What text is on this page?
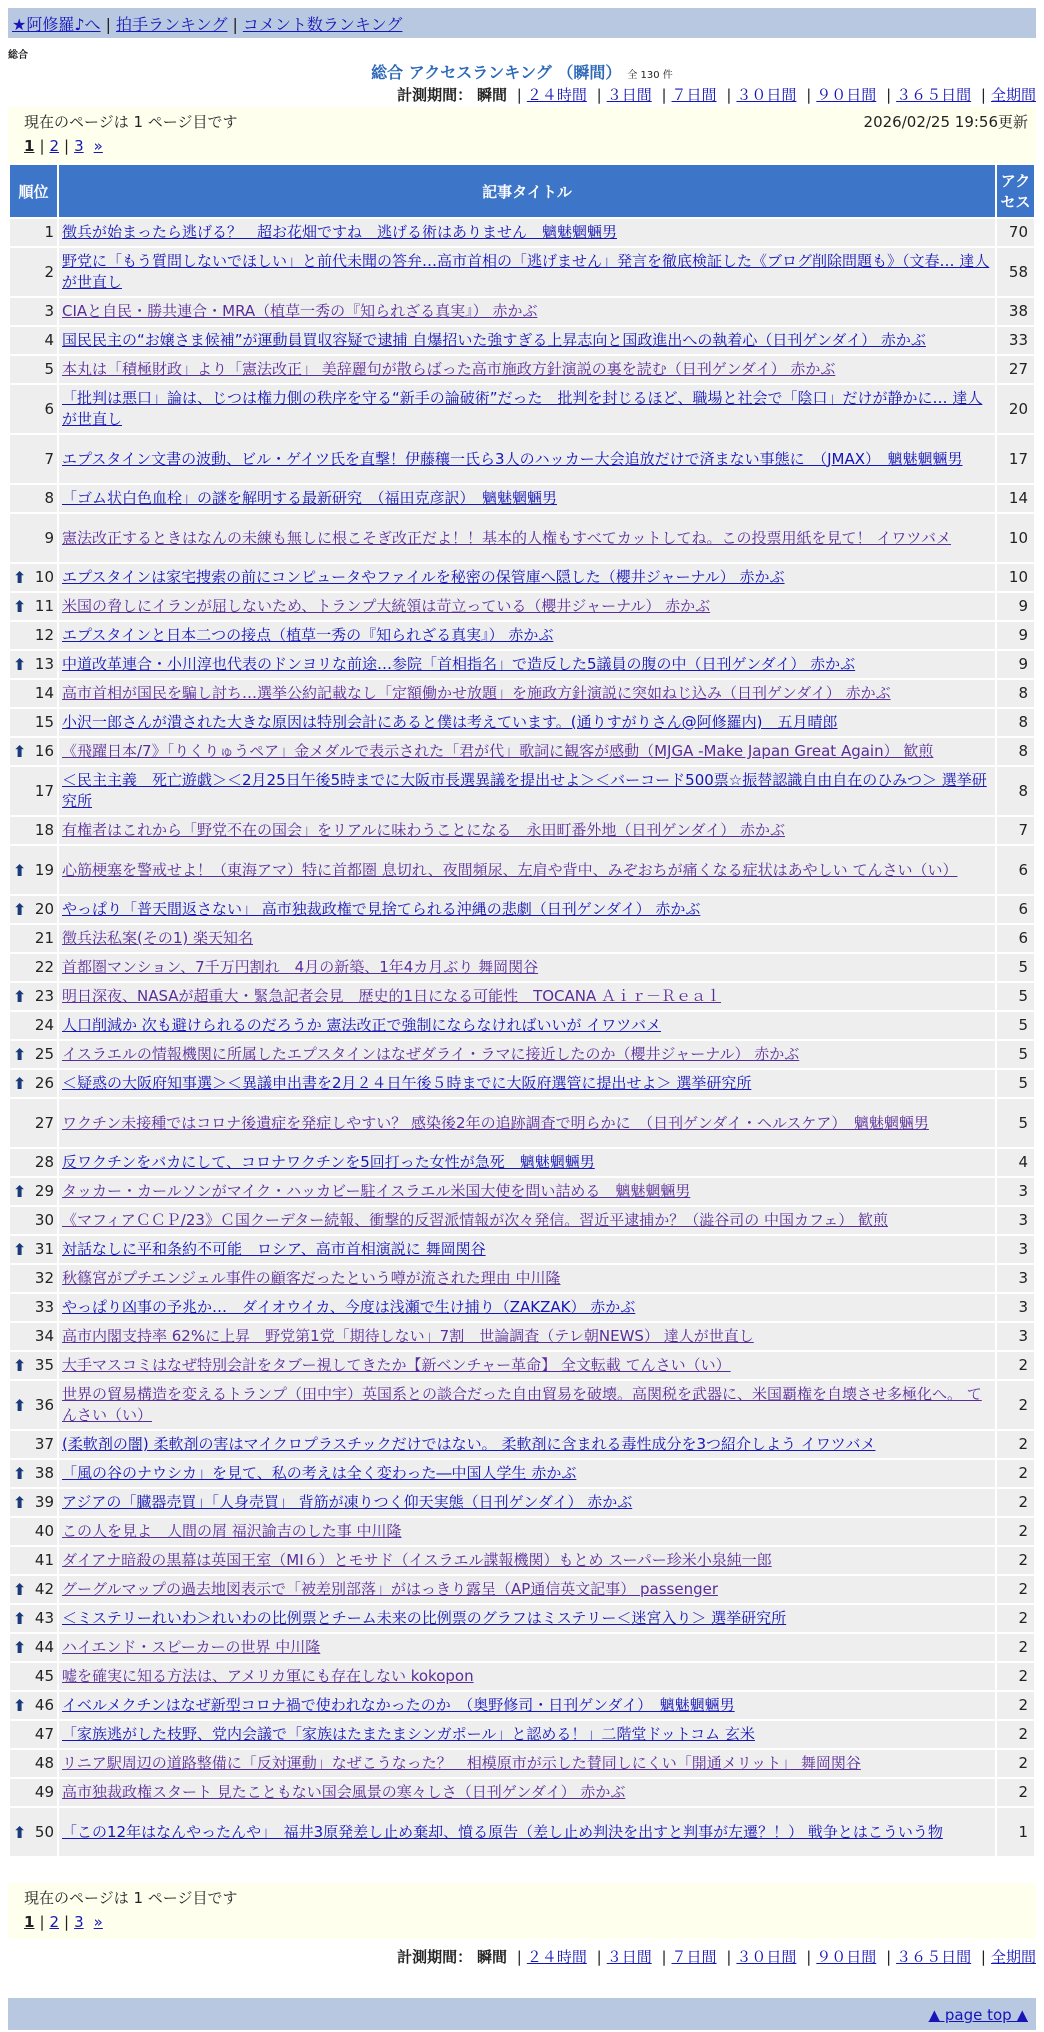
★阿修羅♪へ | 拍手ランキング | コメント数ランキング
総合
総合 アクセスランキング （瞬間） 全 130 件
計測期間： 瞬間 | ２４時間 | ３日間 | ７日間 | ３０日間 | ９０日間 | ３６５日間 | 全期間
現在のページは 1 ページ目です	2026/02/25 19:56更新
1 | 2 | 3 »
順位	記事タイトル	アクセス
1	徴兵が始まったら逃げる？　超お花畑ですね　逃げる術はありません　魑魅魍魎男	70
2	野党に「もう質問しないでほしい」と前代未聞の答弁…高市首相の「逃げません」発言を徹底検証した《ブログ削除問題も》（文春… 達人が世直し	58
3	CIAと自民・勝共連合・MRA（植草一秀の『知られざる真実』） 赤かぶ	38
4	国民民主の“お嬢さま候補”が運動員買収容疑で逮捕 自爆招いた強すぎる上昇志向と国政進出への執着心（日刊ゲンダイ） 赤かぶ	33
5	本丸は「積極財政」より「憲法改正」 美辞麗句が散らばった高市施政方針演説の裏を読む（日刊ゲンダイ） 赤かぶ	27
6	「批判は悪口」論は、じつは権力側の秩序を守る“新手の論破術”だった　批判を封じるほど、職場と社会で「陰口」だけが静かに… 達人が世直し	20
7	エプスタイン文書の波動、ビル・ゲイツ氏を直撃！伊藤穰一氏ら3人のハッカー大会追放だけで済まない事態に　（JMAX）　魑魅魍魎男	17
8	「ゴム状白色血栓」の謎を解明する最新研究　（福田克彦訳）　魑魅魍魎男	14
9	憲法改正するときはなんの未練も無しに根こそぎ改正だよ！！基本的人権もすべてカットしてね。この投票用紙を見て！ イワツバメ	10

⬆ 10	エプスタインは家宅捜索の前にコンピュータやファイルを秘密の保管庫へ隠した（櫻井ジャーナル） 赤かぶ	10

⬆ 11	米国の脅しにイランが屈しないため、トランプ大統領は苛立っている（櫻井ジャーナル） 赤かぶ	9
12	エプスタインと日本二つの接点（植草一秀の『知られざる真実』） 赤かぶ	9

⬆ 13	中道改革連合・小川淳也代表のドンヨリな前途…参院「首相指名」で造反した5議員の腹の中（日刊ゲンダイ） 赤かぶ	9
14	高市首相が国民を騙し討ち…選挙公約記載なし「定額働かせ放題」を施政方針演説に突如ねじ込み（日刊ゲンダイ） 赤かぶ	8
15	小沢一郎さんが潰された大きな原因は特別会計にあると僕は考えています。(通りすがりさん@阿修羅内)　五月晴郎	8

⬆ 16	《飛躍日本/7》「りくりゅうペア」金メダルで表示された「君が代」歌詞に観客が感動（MJGA -Make Japan Great Again） 歓煎	8
17	＜民主主義　死亡遊戯＞＜2月25日午後5時までに大阪市長選異議を提出せよ＞＜バーコード500票☆振替認識自由自在のひみつ＞ 選挙研究所	8
18	有権者はこれから「野党不在の国会」をリアルに味わうことになる　永田町番外地（日刊ゲンダイ） 赤かぶ	7

⬆ 19	心筋梗塞を警戒せよ！（東海アマ）特に首都圏 息切れ、夜間頻尿、左肩や背中、みぞおちが痛くなる症状はあやしい てんさい（い）	6

⬆ 20	やっぱり「普天間返さない」 高市独裁政権で見捨てられる沖縄の悲劇（日刊ゲンダイ） 赤かぶ	6
21	徴兵法私案(その1) 楽天知名	6
22	首都圏マンション、7千万円割れ　4月の新築、1年4カ月ぶり 舞岡関谷	5

⬆ 23	明日深夜、NASAが超重大・緊急記者会見　歴史的1日になる可能性　TOCANA Ａｉｒ－Ｒｅａｌ	5
24	人口削減か 次も避けられるのだろうか 憲法改正で強制にならなければいいが イワツバメ	5

⬆ 25	イスラエルの情報機関に所属したエプスタインはなぜダライ・ラマに接近したのか（櫻井ジャーナル） 赤かぶ	5

⬆ 26	＜疑惑の大阪府知事選＞＜異議申出書を2月２４日午後５時までに大阪府選管に提出せよ＞ 選挙研究所	5
27	ワクチン未接種ではコロナ後遺症を発症しやすい？ 感染後2年の追跡調査で明らかに　（日刊ゲンダイ・ヘルスケア）　魑魅魍魎男	5
28	反ワクチンをバカにして、コロナワクチンを5回打った女性が急死　魑魅魍魎男	4

⬆ 29	タッカー・カールソンがマイク・ハッカビー駐イスラエル米国大使を問い詰める　魑魅魍魎男	3
30	《マフィアＣＣＰ/23》Ｃ国クーデター続報、衝撃的反習派情報が次々発信。習近平逮捕か？（澁谷司の 中国カフェ） 歓煎	3

⬆ 31	対話なしに平和条約不可能　ロシア、高市首相演説に 舞岡関谷	3
32	秋篠宮がプチエンジェル事件の顧客だったという噂が流された理由 中川隆	3
33	やっぱり凶事の予兆か…　ダイオウイカ、今度は浅瀬で生け捕り（ZAKZAK） 赤かぶ	3
34	高市内閣支持率 62%に上昇　野党第1党「期待しない」7割　世論調査（テレ朝NEWS） 達人が世直し	3

⬆ 35	大手マスコミはなぜ特別会計をタブー視してきたか【新ベンチャー革命】 全文転載 てんさい（い）	2

⬆ 36	世界の貿易構造を変えるトランプ（田中宇）英国系との談合だった自由貿易を破壊。高関税を武器に、米国覇権を自壊させ多極化へ。 てんさい（い）	2
37	(柔軟剤の闇) 柔軟剤の害はマイクロプラスチックだけではない。 柔軟剤に含まれる毒性成分を3つ紹介しよう イワツバメ	2

⬆ 38	「風の谷のナウシカ」を見て、私の考えは全く変わった―中国人学生 赤かぶ	2

⬆ 39	アジアの「臓器売買」「人身売買」 背筋が凍りつく仰天実態（日刊ゲンダイ） 赤かぶ	2
40	この人を見よ　人間の屑 福沢諭吉のした事 中川隆	2
41	ダイアナ暗殺の黒幕は英国王室（MI６）とモサド（イスラエル諜報機関）もとめ スーパー珍米小泉純一郎	2

⬆ 42	グーグルマップの過去地図表示で「被差別部落」がはっきり露呈（AP通信英文記事） passenger	2

⬆ 43	＜ミステリーれいわ＞れいわの比例票とチーム未来の比例票のグラフはミステリー＜迷宮入り＞ 選挙研究所	2

⬆ 44	ハイエンド・スピーカーの世界 中川隆	2
45	嘘を確実に知る方法は、アメリカ軍にも存在しない kokopon	2

⬆ 46	イベルメクチンはなぜ新型コロナ禍で使われなかったのか　（奥野修司・日刊ゲンダイ）　魑魅魍魎男	2
47	「家族逃がした枝野、党内会議で「家族はたまたまシンガポール」と認める！」二階堂ドットコム 玄米	2
48	リニア駅周辺の道路整備に「反対運動」なぜこうなった？　相模原市が示した賛同しにくい「開通メリット」 舞岡関谷	2
49	高市独裁政権スタート 見たこともない国会風景の寒々しさ（日刊ゲンダイ） 赤かぶ	2

⬆ 50	「この12年はなんやったんや」　福井3原発差し止め棄却、憤る原告（差し止め判決を出すと判事が左遷？！） 戦争とはこういう物	1
現在のページは 1 ページ目です
1 | 2 | 3 »
計測期間： 瞬間 | ２４時間 | ３日間 | ７日間 | ３０日間 | ９０日間 | ３６５日間 | 全期間
▲ page top ▲
